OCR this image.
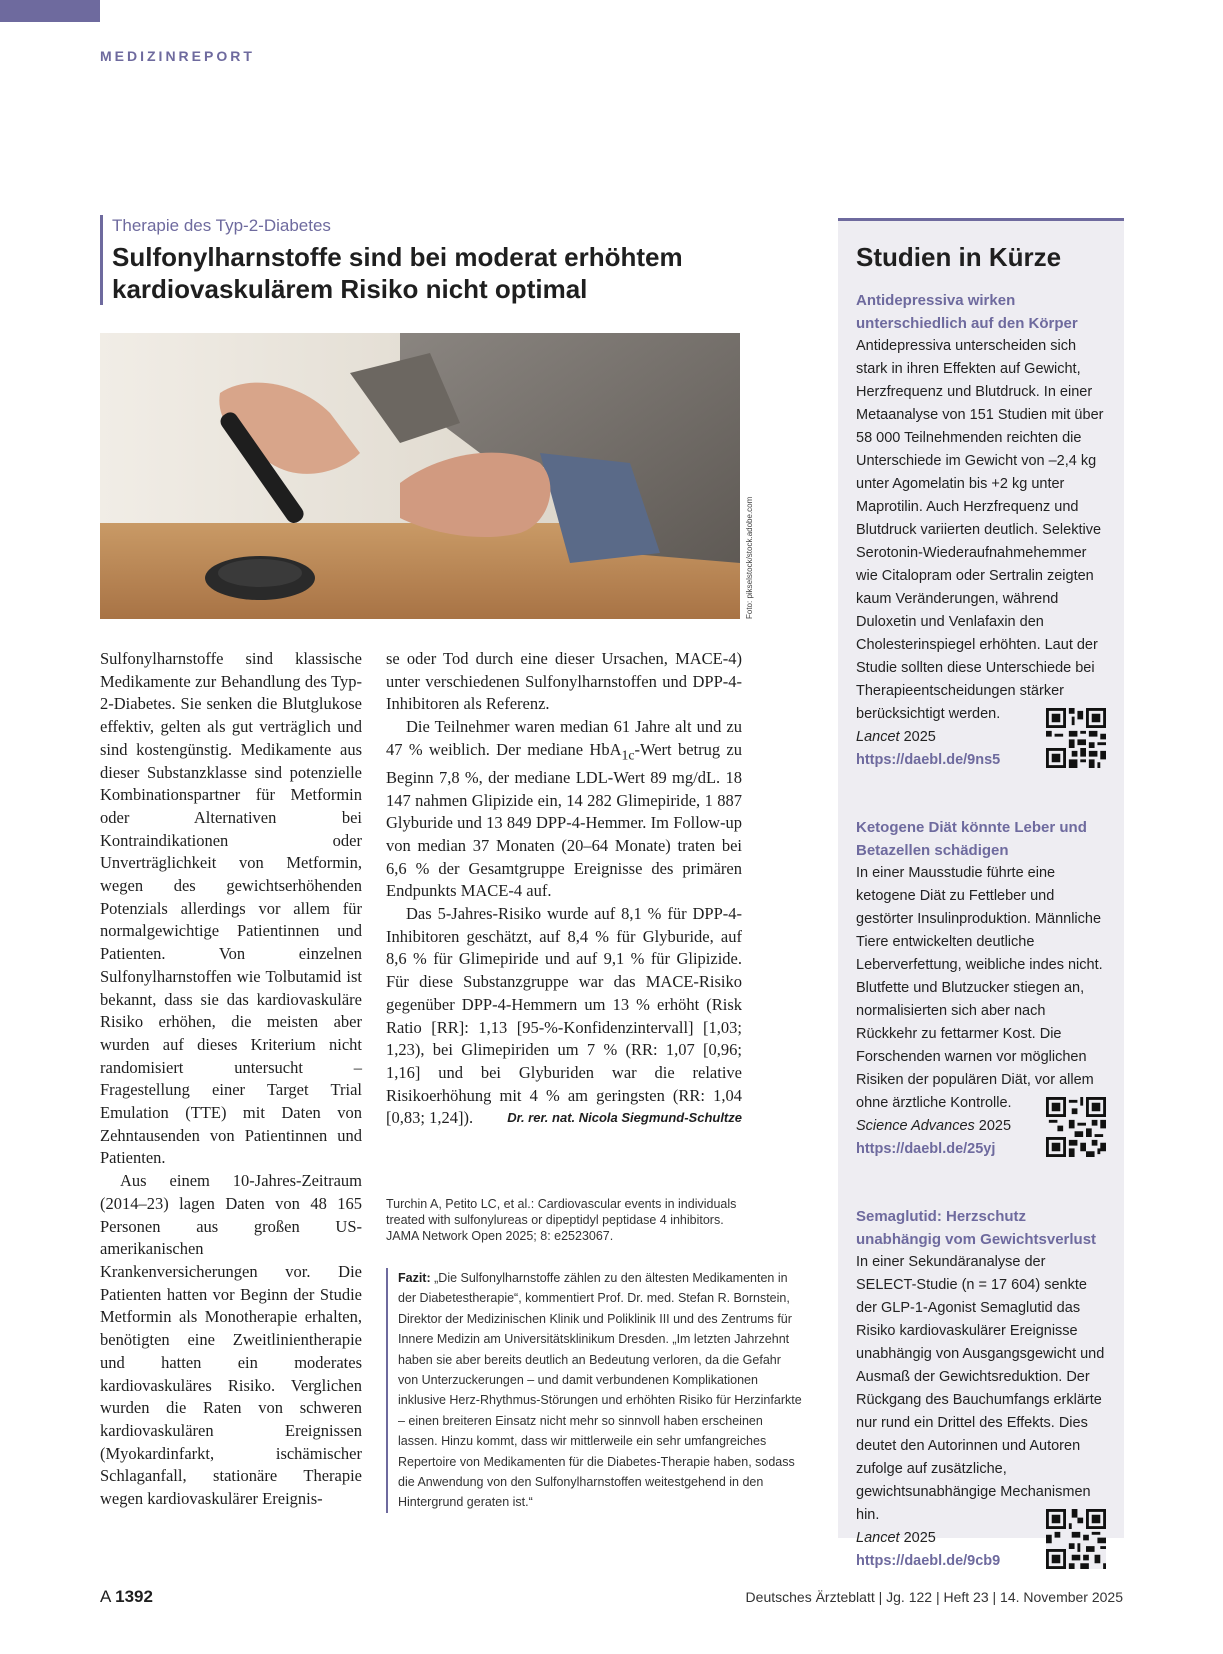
MEDIZINREPORT
Therapie des Typ-2-Diabetes
Sulfonylharnstoffe sind bei moderat erhöhtem
kardiovaskulärem Risiko nicht optimal
Foto: pikselstock/stock.adobe.com

Sulfonylharnstoffe sind klassische Medikamente zur Behandlung des Typ-2-Diabetes. Sie senken die Blutglukose effektiv, gelten als gut verträglich und sind kostengünstig. Medikamente aus dieser Substanzklasse sind potenzielle Kombinationspartner für Metformin oder Alternativen bei Kontraindikationen oder Unverträglichkeit von Metformin, wegen des gewichtserhöhenden Potenzials allerdings vor allem für normalgewichtige Patientinnen und Patienten. Von einzelnen Sulfonylharnstoffen wie Tolbutamid ist bekannt, dass sie das kardiovaskuläre Risiko erhöhen, die meisten aber wurden auf dieses Kriterium nicht randomisiert untersucht – Fragestellung einer Target Trial Emulation (TTE) mit Daten von Zehntausenden von Patientinnen und Patienten.

Aus einem 10-Jahres-Zeitraum (2014–23) lagen Daten von 48 165 Personen aus großen US-amerikanischen Krankenversicherungen vor. Die Patienten hatten vor Beginn der Studie Metformin als Monotherapie erhalten, benötigten eine Zweitlinientherapie und hatten ein moderates kardiovaskuläres Risiko. Verglichen wurden die Raten von schweren kardiovaskulären Ereignissen (Myokardinfarkt, ischämischer Schlaganfall, stationäre Therapie wegen kardiovaskulärer Ereignis-

se oder Tod durch eine dieser Ursachen, MACE-4) unter verschiedenen Sulfonylharnstoffen und DPP-4-Inhibitoren als Referenz.

Die Teilnehmer waren median 61 Jahre alt und zu 47 % weiblich. Der mediane HbA$_{1c}$-Wert betrug zu Beginn 7,8 %, der mediane LDL-Wert 89 mg/dL. 18 147 nahmen Glipizide ein, 14 282 Glimepiride, 1 887 Glyburide und 13 849 DPP-4-Hemmer. Im Follow-up von median 37 Monaten (20–64 Monate) traten bei 6,6 % der Gesamtgruppe Ereignisse des primären Endpunkts MACE-4 auf.

Das 5-Jahres-Risiko wurde auf 8,1 % für DPP-4-Inhibitoren geschätzt, auf 8,4 % für Glyburide, auf 8,6 % für Glimepiride und auf 9,1 % für Glipizide. Für diese Substanzgruppe war das MACE-Risiko gegenüber DPP-4-Hemmern um 13 % erhöht (Risk Ratio [RR]: 1,13 [95-%-Konfidenzintervall] [1,03; 1,23), bei Glimepiriden um 7 % (RR: 1,07 [0,96; 1,16] und bei Glyburiden war die relative Risikoerhöhung mit 4 % am geringsten (RR: 1,04 [0,83; 1,24]).	Dr. rer. nat. Nicola Siegmund-Schultze

Turchin A, Petito LC, et al.: Cardiovascular events in individuals treated with sulfonylureas or dipeptidyl peptidase 4 inhibitors. JAMA Network Open 2025; 8: e2523067.
Fazit: „Die Sulfonylharnstoffe zählen zu den ältesten Medikamenten in der Diabetestherapie“, kommentiert Prof. Dr. med. Stefan R. Bornstein, Direktor der Medizinischen Klinik und Poliklinik III und des Zentrums für Innere Medizin am Universitätsklinikum Dresden. „Im letzten Jahrzehnt haben sie aber bereits deutlich an Bedeutung verloren, da die Gefahr von Unterzuckerungen – und damit verbundenen Komplikationen inklusive Herz-Rhythmus-Störungen und erhöhten Risiko für Herzinfarkte – einen breiteren Einsatz nicht mehr so sinnvoll haben erscheinen lassen. Hinzu kommt, dass wir mittlerweile ein sehr umfangreiches Repertoire von Medikamenten für die Diabetes-Therapie haben, sodass die Anwendung von den Sulfonylharnstoffen weitestgehend in den Hintergrund geraten ist.“
Studien in Kürze
Antidepressiva wirken unterschiedlich auf den Körper
Antidepressiva unterscheiden sich stark in ihren Effekten auf Gewicht, Herzfrequenz und Blutdruck. In einer Metaanalyse von 151 Studien mit über 58 000 Teilnehmenden reichten die Unterschiede im Gewicht von –2,4 kg unter Agomelatin bis +2 kg unter Maprotilin. Auch Herzfrequenz und Blutdruck variierten deutlich. Selektive Serotonin-Wiederaufnahmehemmer wie Citalopram oder Sertralin zeigten kaum Veränderungen, während Duloxetin und Venlafaxin den Cholesterinspiegel erhöhten. Laut der Studie sollten diese Unterschiede bei Therapieentscheidungen stärker berücksichtigt werden.
Lancet 2025
https://daebl.de/9ns5
Ketogene Diät könnte Leber und Betazellen schädigen
In einer Mausstudie führte eine ketogene Diät zu Fettleber und gestörter Insulinproduktion. Männliche Tiere entwickelten deutliche Leberverfettung, weibliche indes nicht. Blutfette und Blutzucker stiegen an, normalisierten sich aber nach Rückkehr zu fettarmer Kost. Die Forschenden warnen vor möglichen Risiken der populären Diät, vor allem ohne ärztliche Kontrolle.
Science Advances 2025
https://daebl.de/25yj
Semaglutid: Herzschutz unabhängig vom Gewichtsverlust
In einer Sekundäranalyse der SELECT-Studie (n = 17 604) senkte der GLP-1-Agonist Semaglutid das Risiko kardiovaskulärer Ereignisse unabhängig von Ausgangsgewicht und Ausmaß der Gewichtsreduktion. Der Rückgang des Bauchumfangs erklärte nur rund ein Drittel des Effekts. Dies deutet den Autorinnen und Autoren zufolge auf zusätzliche, gewichtsunabhängige Mechanismen hin.
Lancet 2025
https://daebl.de/9cb9
A 1392	Deutsches Ärzteblatt | Jg. 122 | Heft 23 | 14. November 2025
